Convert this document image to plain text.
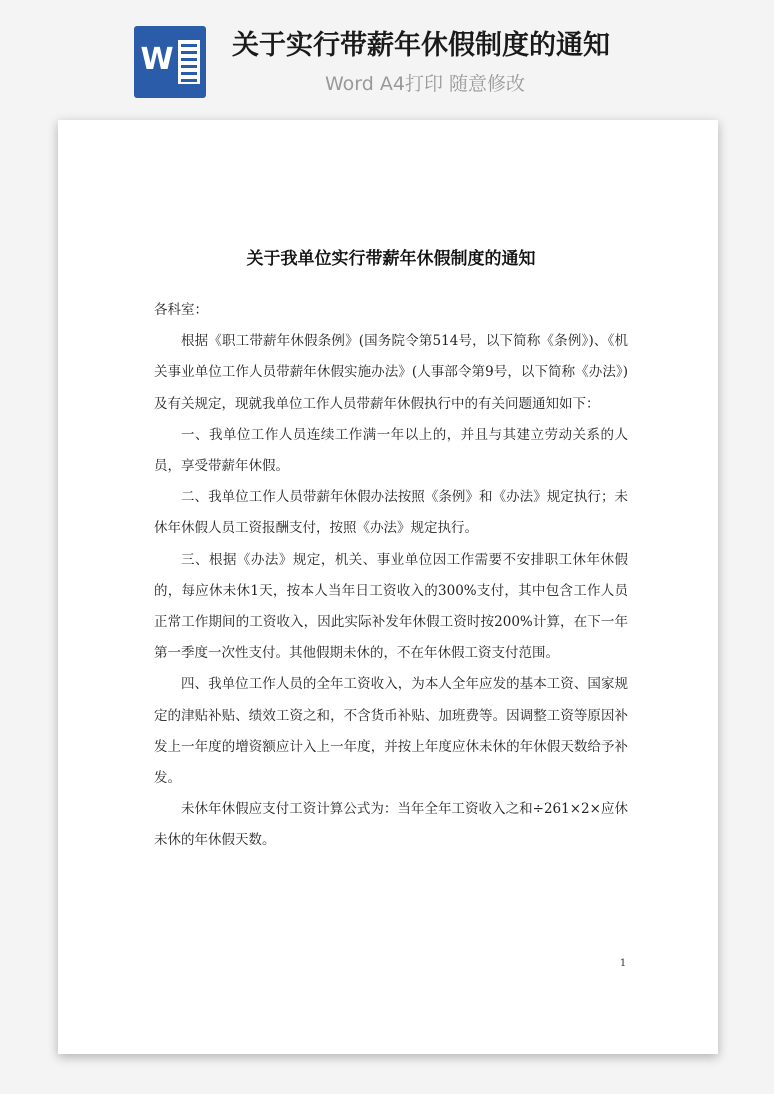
W 关于实行带薪年休假制度的通知
Word A4打印 随意修改
关于我单位实行带薪年休假制度的通知

各科室：

根据《职工带薪年休假条例》(国务院令第514号，以下简称《条例》)、《机关事业单位工作人员带薪年休假实施办法》(人事部令第9号，以下简称《办法》)及有关规定，现就我单位工作人员带薪年休假执行中的有关问题通知如下：

一、我单位工作人员连续工作满一年以上的，并且与其建立劳动关系的人员，享受带薪年休假。

二、我单位工作人员带薪年休假办法按照《条例》和《办法》规定执行；未休年休假人员工资报酬支付，按照《办法》规定执行。

三、根据《办法》规定，机关、事业单位因工作需要不安排职工休年休假的，每应休未休1天，按本人当年日工资收入的300%支付，其中包含工作人员正常工作期间的工资收入，因此实际补发年休假工资时按200%计算，在下一年第一季度一次性支付。其他假期未休的，不在年休假工资支付范围。

四、我单位工作人员的全年工资收入，为本人全年应发的基本工资、国家规定的津贴补贴、绩效工资之和，不含货币补贴、加班费等。因调整工资等原因补发上一年度的增资额应计入上一年度，并按上年度应休未休的年休假天数给予补发。

未休年休假应支付工资计算公式为：当年全年工资收入之和÷261×2×应休未休的年休假天数。

1
